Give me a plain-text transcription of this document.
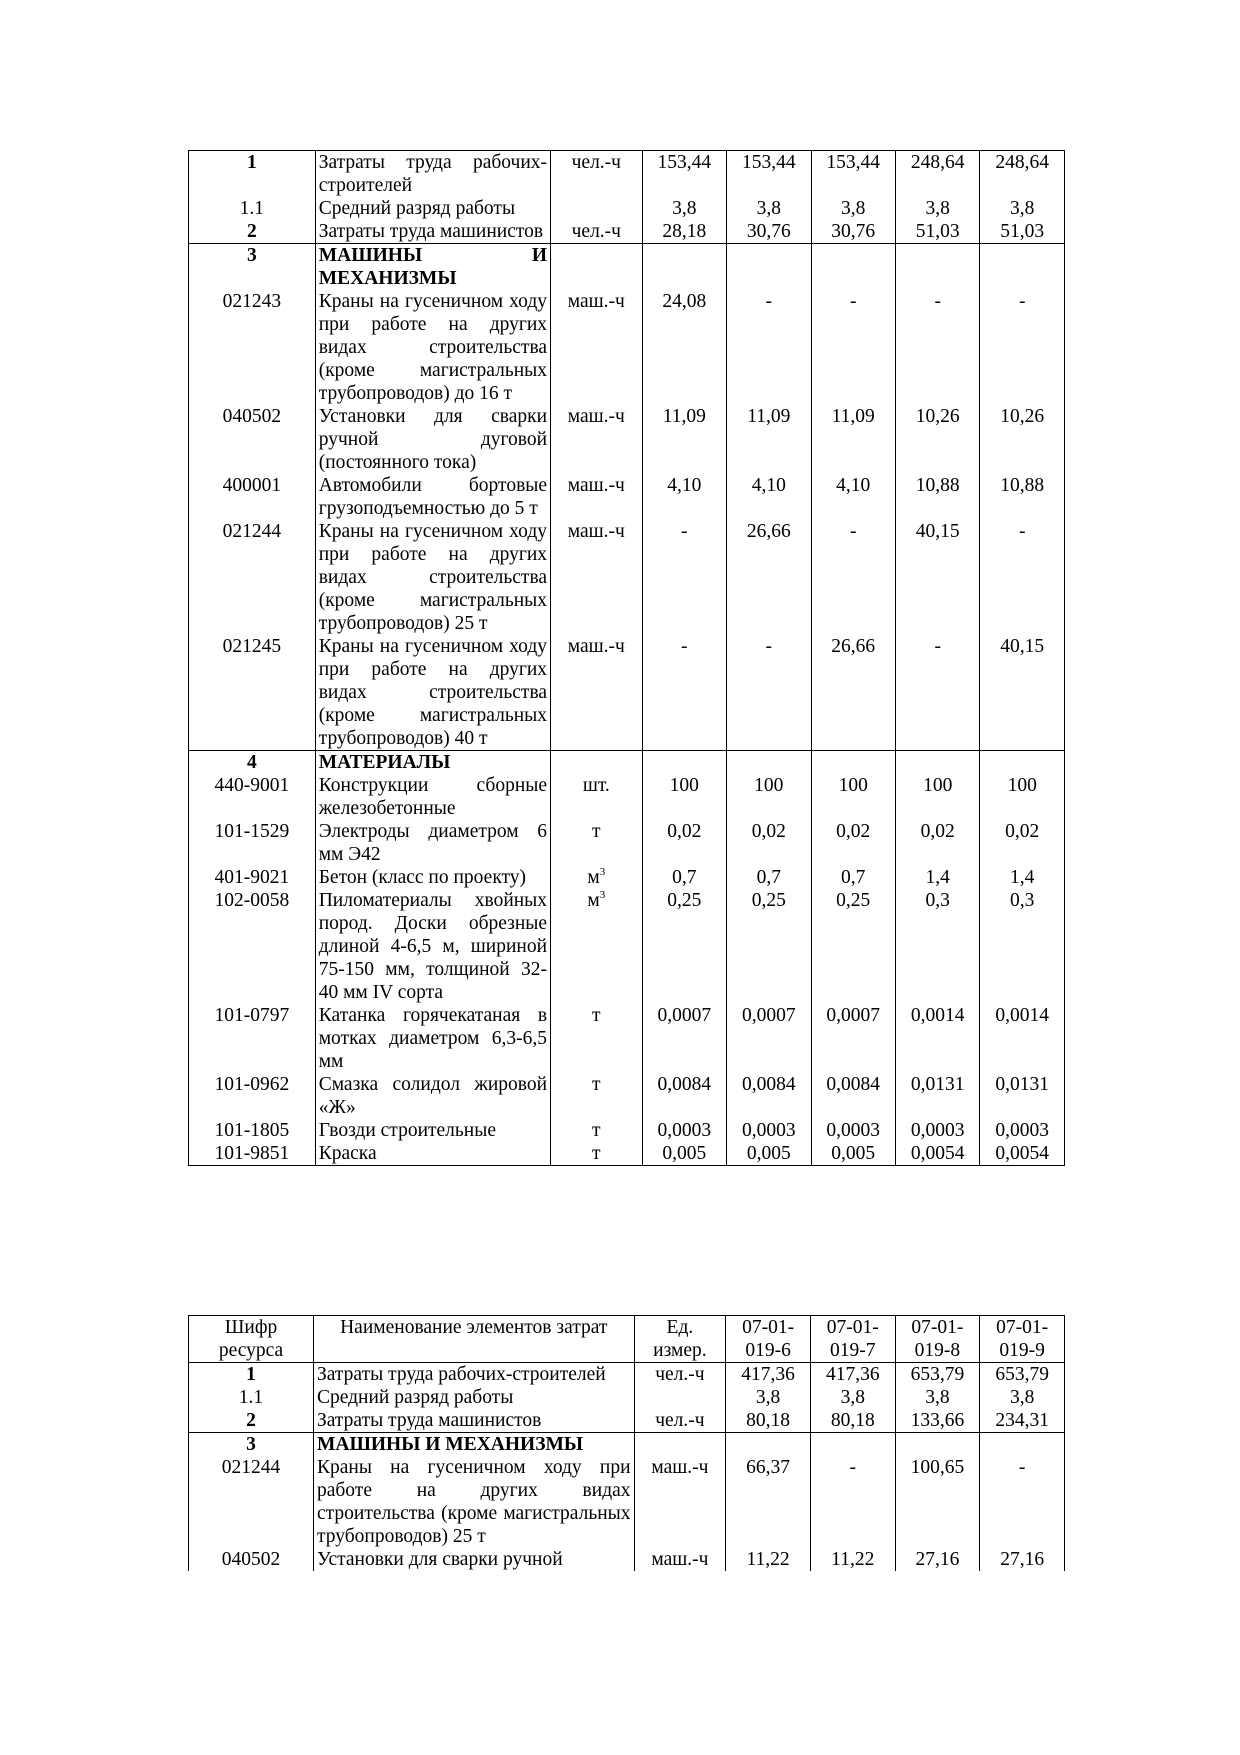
1	Затраты труда рабочих-строителей	чел.-ч	153,44	153,44	153,44	248,64	248,64
1.1	Средний разряд работы		3,8	3,8	3,8	3,8	3,8
2	Затраты труда машинистов	чел.-ч	28,18	30,76	30,76	51,03	51,03
3	МАШИНЫ И МЕХАНИЗМЫ						
021243	Краны на гусеничном ходу при работе на других видах строительства (кроме магистральных трубопроводов) до 16 т	маш.-ч	24,08	-	-	-	-
040502	Установки для сварки ручной дуговой (постоянного тока)	маш.-ч	11,09	11,09	11,09	10,26	10,26
400001	Автомобили бортовые грузоподъемностью до 5 т	маш.-ч	4,10	4,10	4,10	10,88	10,88
021244	Краны на гусеничном ходу при работе на других видах строительства (кроме магистральных трубопроводов) 25 т	маш.-ч	-	26,66	-	40,15	-
021245	Краны на гусеничном ходу при работе на других видах строительства (кроме магистральных трубопроводов) 40 т	маш.-ч	-	-	26,66	-	40,15
4	МАТЕРИАЛЫ						
440-9001	Конструкции сборные железобетонные	шт.	100	100	100	100	100
101-1529	Электроды диаметром 6 мм Э42	т	0,02	0,02	0,02	0,02	0,02
401-9021	Бетон (класс по проекту)	$м^3$	0,7	0,7	0,7	1,4	1,4
102-0058	Пиломатериалы хвойных пород. Доски обрезные длиной 4-6,5 м, шириной 75-150 мм, толщиной 32-40 мм IV сорта	$м^3$	0,25	0,25	0,25	0,3	0,3
101-0797	Катанка горячекатаная в мотках диаметром 6,3-6,5 мм	т	0,0007	0,0007	0,0007	0,0014	0,0014
101-0962	Смазка солидол жировой «Ж»	т	0,0084	0,0084	0,0084	0,0131	0,0131
101-1805	Гвозди строительные	т	0,0003	0,0003	0,0003	0,0003	0,0003
101-9851	Краска	т	0,005	0,005	0,005	0,0054	0,0054
Шифр ресурса	Наименование элементов затрат	Ед. измер.	07-01-019-6	07-01-019-7	07-01-019-8	07-01-019-9
1	Затраты труда рабочих-строителей	чел.-ч	417,36	417,36	653,79	653,79
1.1	Средний разряд работы		3,8	3,8	3,8	3,8
2	Затраты труда машинистов	чел.-ч	80,18	80,18	133,66	234,31
3	МАШИНЫ И МЕХАНИЗМЫ					
021244	Краны на гусеничном ходу при работе на других видах строительства (кроме магистральных трубопроводов) 25 т	маш.-ч	66,37	-	100,65	-
040502	Установки для сварки ручной	маш.-ч	11,22	11,22	27,16	27,16
